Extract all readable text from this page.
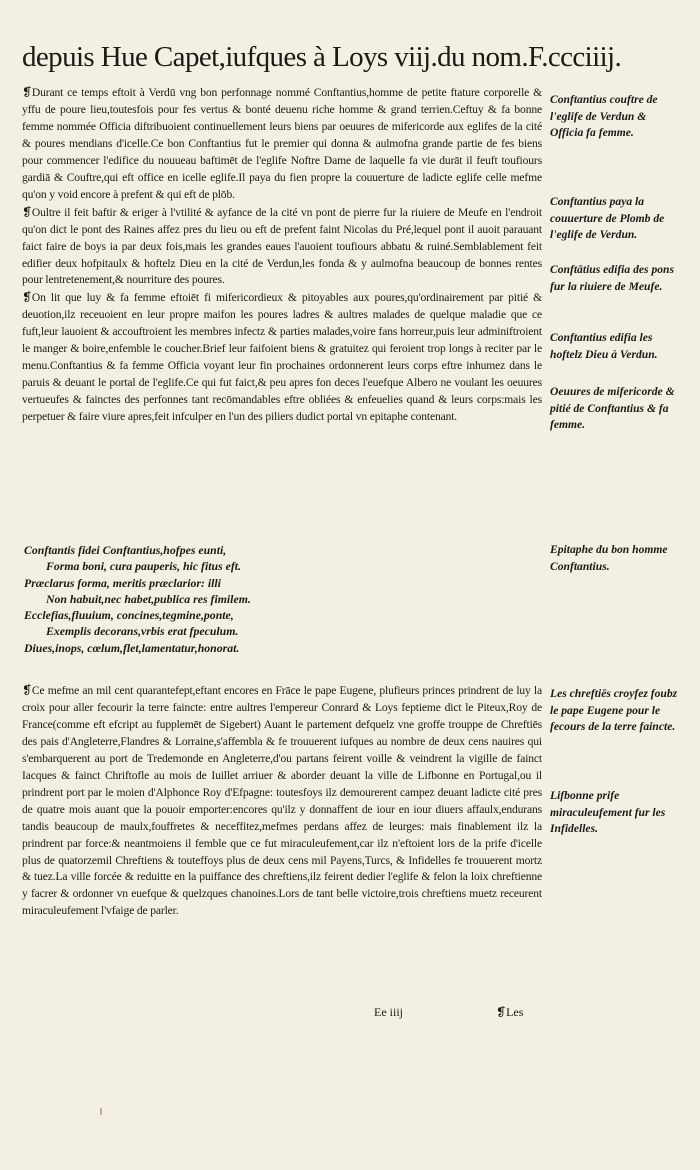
depuis Hue Capet,iufques à Loys viij.du nom.F.ccciiij.

❡Durant ce temps eftoit à Verdū vng bon perfonnage nommé Conftantius,homme de petite ftature corporelle & yffu de poure lieu,toutesfois pour fes vertus & bonté deuenu riche homme & grand terrien.Ceftuy & fa bonne femme nommée Officia diftribuoient continuellement leurs biens par oeuures de mifericorde aux eglifes de la cité & poures mendians d'icelle.Ce bon Conftantius fut le premier qui donna & aulmofna grande partie de fes biens pour commencer l'edifice du nouueau baftimēt de l'eglife Noftre Dame de laquelle fa vie durāt il feuft toufiours gardiā & Couftre,qui eft office en icelle eglife.Il paya du fien propre la couuerture de ladicte eglife celle mefme qu'on y void encore à prefent & qui eft de plōb.

❡Oultre il feit baftir & eriger à l'vtilité & ayfance de la cité vn pont de pierre fur la riuiere de Meufe en l'endroit qu'on dict le pont des Raines affez pres du lieu ou eft de prefent faint Nicolas du Pré,lequel pont il auoit parauant faict faire de boys ia par deux fois,mais les grandes eaues l'auoient toufiours abbatu & ruiné.Semblablement feit edifier deux hofpitaulx & hoftelz Dieu en la cité de Verdun,les fonda & y aulmofna beaucoup de bonnes rentes pour lentretenement,& nourriture des poures.

❡On lit que luy & fa femme eftoiēt fi mifericordieux & pitoyables aux poures,qu'ordinairement par pitié & deuotion,ilz receuoient en leur propre maifon les poures ladres & aultres malades de quelque maladie que ce fuft,leur lauoient & accouftroient les membres infectz & parties malades,voire fans horreur,puis leur adminiftroient le manger & boire,enfemble le coucher.Brief leur faifoient biens & gratuitez qui feroient trop longs à reciter par le menu.Conftantius & fa femme Officia voyant leur fin prochaines ordonnerent leurs corps eftre inhumez dans le paruis & deuant le portal de l'eglife.Ce qui fut faict,& peu apres fon deces l'euefque Albero ne voulant les oeuures vertueufes & fainctes des perfonnes tant recōmandables eftre obliées & enfeuelies quand & leurs corps:mais les perpetuer & faire viure apres,feit infculper en l'un des piliers dudict portal vn epitaphe contenant.

Conftantis fidei Conftantius,hofpes eunti,
Forma boni, cura pauperis, hic fitus eft.
Præclarus forma, meritis præclarior: illi
Non habuit,nec habet,publica res fimilem.
Ecclefias,fluuium, concines,tegmine,ponte,
Exemplis decorans,vrbis erat fpeculum.
Diues,inops, cœlum,flet,lamentatur,honorat.

❡Ce mefme an mil cent quarantefept,eftant encores en Frāce le pape Eugene, plufieurs princes prindrent de luy la croix pour aller fecourir la terre faincte: entre aultres l'empereur Conrard & Loys feptieme dict le Piteux,Roy de France(comme eft efcript au fupplemēt de Sigebert) Auant le partement defquelz vne groffe trouppe de Chreftiēs des pais d'Angleterre,Flandres & Lorraine,s'affembla & fe trouuerent iufques au nombre de deux cens nauires qui s'embarquerent au port de Tredemonde en Angleterre,d'ou partans feirent voille & veindrent la vigille de fainct Iacques & fainct Chriftofle au mois de Iuillet arriuer & aborder deuant la ville de Lifbonne en Portugal,ou il prindrent port par le moien d'Alphonce Roy d'Efpagne: toutesfoys ilz demourerent campez deuant ladicte cité pres de quatre mois auant que la pouoir emporter:encores qu'ilz y donnaffent de iour en iour diuers affaulx,endurans tandis beaucoup de maulx,fouffretes & neceffitez,mefmes perdans affez de leurges: mais finablement ilz la prindrent par force:& neantmoiens il femble que ce fut miraculeufement,car ilz n'eftoient lors de la prife d'icelle plus de quatorzemil Chreftiens & touteffoys plus de deux cens mil Payens,Turcs, & Infidelles fe trouuerent mortz & tuez.La ville forcée & reduitte en la puiffance des chreftiens,ilz feirent dedier l'eglife & felon la loix chreftienne y facrer & ordonner vn euefque & quelzques chanoines.Lors de tant belle victoire,trois chreftiens muetz receurent miraculeufement l'vfaige de parler.

Conftantius couftre de l'eglife de Verdun & Officia fa femme.
Conftantius paya la couuerture de Plomb de l'eglife de Verdun.
Conftātius edifia des pons fur la riuiere de Meufe.
Conftantius edifia les hoftelz Dieu à Verdun.
Oeuures de mifericorde & pitié de Conftantius & fa femme.
Epitaphe du bon homme Conftantius.
Les chreftiēs croyfez foubz le pape Eugene pour le fecours de la terre faincte.
Lifbonne prife miraculeufement fur les Infidelles.
Ee iiij	❡Les
